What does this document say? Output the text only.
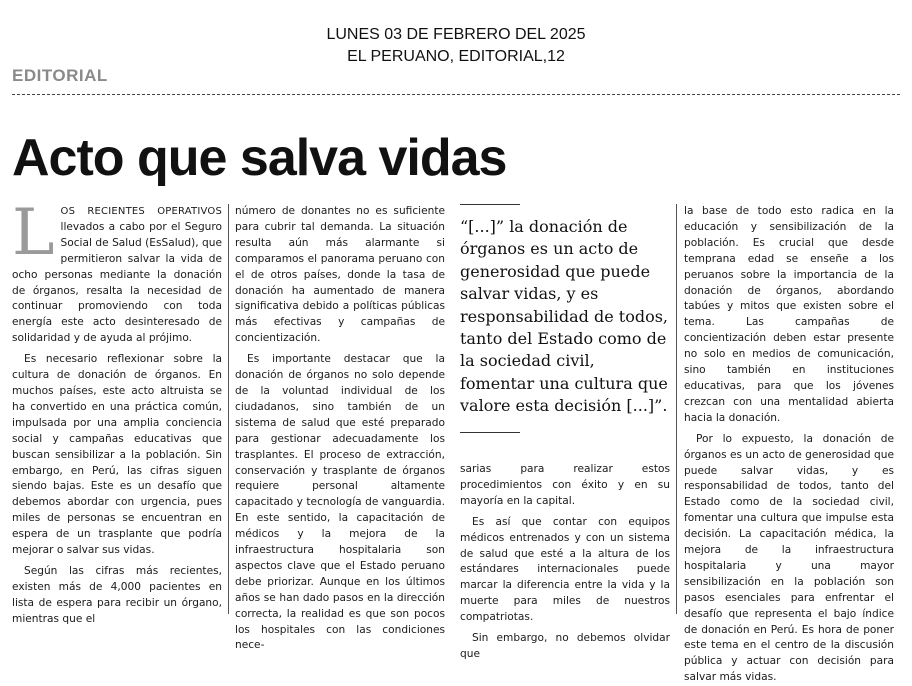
LUNES 03 DE FEBRERO DEL 2025
EL PERUANO, EDITORIAL,12
EDITORIAL
Acto que salva vidas

LOS RECIENTES OPERATIVOS llevados a cabo por el Seguro Social de Salud (EsSalud), que permitieron salvar la vida de ocho personas mediante la donación de órganos, resalta la necesidad de continuar promoviendo con toda energía este acto desinteresado de solidaridad y de ayuda al prójimo.

Es necesario reflexionar sobre la cultura de donación de órganos. En muchos países, este acto altruista se ha convertido en una práctica común, impulsada por una amplia conciencia social y campañas educativas que buscan sensibilizar a la población. Sin embargo, en Perú, las cifras siguen siendo bajas. Este es un desafío que debemos abordar con urgencia, pues miles de personas se encuentran en espera de un trasplante que podría mejorar o salvar sus vidas.

Según las cifras más recientes, existen más de 4,000 pacientes en lista de espera para recibir un órgano, mientras que el

número de donantes no es suficiente para cubrir tal demanda. La situación resulta aún más alarmante si comparamos el panorama peruano con el de otros países, donde la tasa de donación ha aumentado de manera significativa debido a políticas públicas más efectivas y campañas de concientización.

Es importante destacar que la donación de órganos no solo depende de la voluntad individual de los ciudadanos, sino también de un sistema de salud que esté preparado para gestionar adecuadamente los trasplantes. El proceso de extracción, conservación y trasplante de órganos requiere personal altamente capacitado y tecnología de vanguardia. En este sentido, la capacitación de médicos y la mejora de la infraestructura hospitalaria son aspectos clave que el Estado peruano debe priorizar. Aunque en los últimos años se han dado pasos en la dirección correcta, la realidad es que son pocos los hospitales con las condiciones nece-

“[...]” la donación de órganos es un acto de generosidad que puede salvar vidas, y es responsabilidad de todos, tanto del Estado como de la sociedad civil, fomentar una cultura que valore esta decisión [...]”.

sarias para realizar estos procedimientos con éxito y en su mayoría en la capital.

Es así que contar con equipos médicos entrenados y con un sistema de salud que esté a la altura de los estándares internacionales puede marcar la diferencia entre la vida y la muerte para miles de nuestros compatriotas.

Sin embargo, no debemos olvidar que

la base de todo esto radica en la educación y sensibilización de la población. Es crucial que desde temprana edad se enseñe a los peruanos sobre la importancia de la donación de órganos, abordando tabúes y mitos que existen sobre el tema. Las campañas de concientización deben estar presente no solo en medios de comunicación, sino también en instituciones educativas, para que los jóvenes crezcan con una mentalidad abierta hacia la donación.

Por lo expuesto, la donación de órganos es un acto de generosidad que puede salvar vidas, y es responsabilidad de todos, tanto del Estado como de la sociedad civil, fomentar una cultura que impulse esta decisión. La capacitación médica, la mejora de la infraestructura hospitalaria y una mayor sensibilización en la población son pasos esenciales para enfrentar el desafío que representa el bajo índice de donación en Perú. Es hora de poner este tema en el centro de la discusión pública y actuar con decisión para salvar más vidas.
